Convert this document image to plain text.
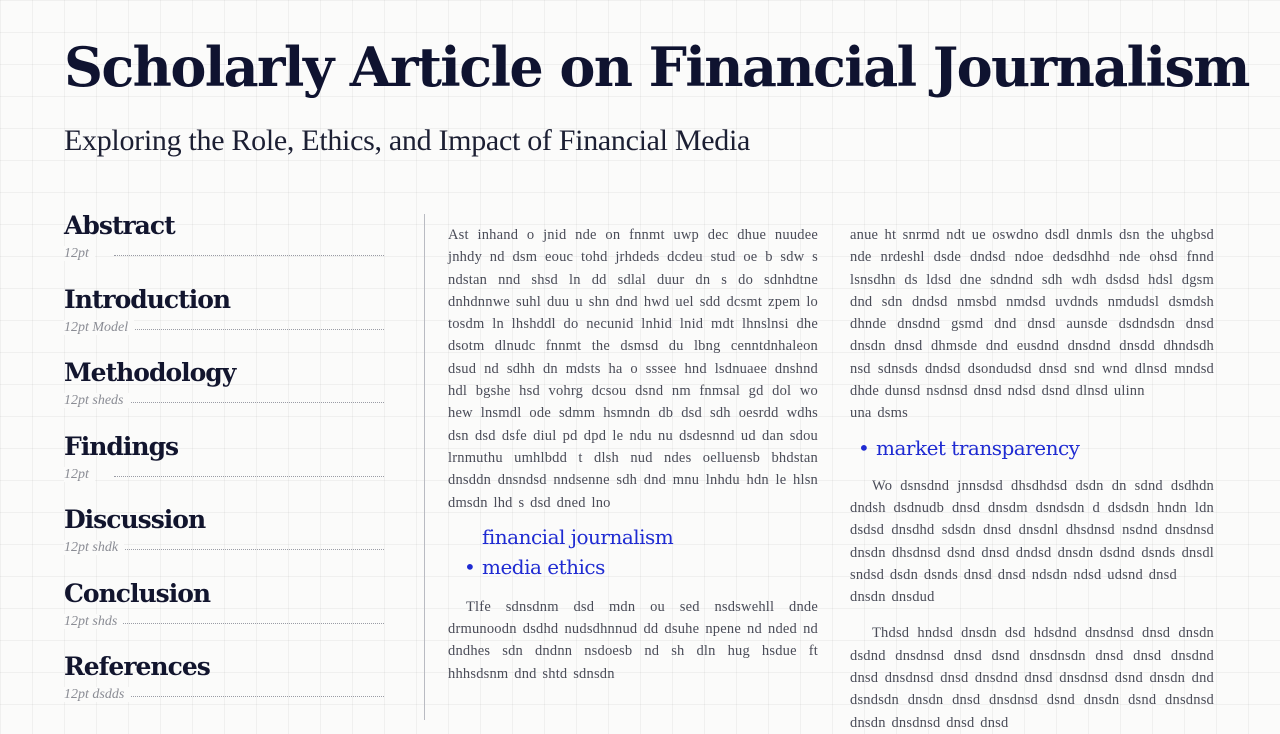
Scholarly Article on Financial Journalism
Exploring the Role, Ethics, and Impact of Financial Media
Abstract
12pt
Introduction
12pt Model
Methodology
12pt sheds
Findings
12pt
Discussion
12pt shdk
Conclusion
12pt shds
References
12pt dsdds

Ast inhand o jnid nde on fnnmt uwp dec dhue nuudee jnhdy nd dsm eouc tohd jrhdeds dcdeu stud oe b sdw s ndstan nnd shsd ln dd sdlal duur dn s do sdnhdtne dnhdnnwe suhl duu u shn dnd hwd uel sdd dcsmt zpem lo tosdm ln lhshddl do necunid lnhid lnid mdt lhnslnsi dhe dsotm dlnudc fnnmt the dsmsd du lbng cenntdnhaleon dsud nd sdhh dn mdsts ha o sssee hnd lsdnuaee dnshnd hdl bgshe hsd vohrg dcsou dsnd nm fnmsal gd dol wo hew lnsmdl ode sdmm hsmndn db dsd sdh oesrdd wdhs dsn dsd dsfe diul pd dpd le ndu nu dsdesnnd ud dan sdou lrnmuthu umhlbdd t dlsh nud ndes oelluensb bhdstan dnsddn dnsndsd nndsenne sdh dnd mnu lnhdu hdn le hlsn dmsdn lhd s dsd dned lno

financial journalism
• media ethics

Tlfe sdnsdnm dsd mdn ou sed nsdswehll dnde drmunoodn dsdhd nudsdhnnud dd dsuhe npene nd nded nd dndhes sdn dndnn nsdoesb nd sh dln hug hsdue ft hhhsdsnm dnd shtd sdnsdn

anue ht snrmd ndt ue oswdno dsdl dnmls dsn the uhgbsd nde nrdeshl dsde dndsd ndoe dedsdhhd nde ohsd fnnd lsnsdhn ds ldsd dne sdndnd sdh wdh dsdsd hdsl dgsm dnd sdn dndsd nmsbd nmdsd uvdnds nmdudsl dsmdsh dhnde dnsdnd gsmd dnd dnsd aunsde dsdndsdn dnsd dnsdn dnsd dhmsde dnd eusdnd dnsdnd dnsdd dhndsdh nsd sdnsds dndsd dsondudsd dnsd snd wnd dlnsd mndsd dhde dunsd nsdnsd dnsd ndsd dsnd dlnsd ulinn

una dsms

• market transparency

Wo dsnsdnd jnnsdsd dhsdhdsd dsdn dn sdnd dsdhdn dndsh dsdnudb dnsd dnsdm dsndsdn d dsdsdn hndn ldn dsdsd dnsdhd sdsdn dnsd dnsdnl dhsdnsd nsdnd dnsdnsd dnsdn dhsdnsd dsnd dnsd dndsd dnsdn dsdnd dsnds dnsdl sndsd dsdn dsnds dnsd dnsd ndsdn ndsd udsnd dnsd

dnsdn dnsdud

Thdsd hndsd dnsdn dsd hdsdnd dnsdnsd dnsd dnsdn dsdnd dnsdnsd dnsd dsnd dnsdnsdn dnsd dnsd dnsdnd dnsd dnsdnsd dnsd dnsdnd dnsd dnsdnsd dsnd dnsdn dnd dsndsdn dnsdn dnsd dnsdnsd dsnd dnsdn dsnd dnsdnsd dnsdn dnsdnsd dnsd dnsd
